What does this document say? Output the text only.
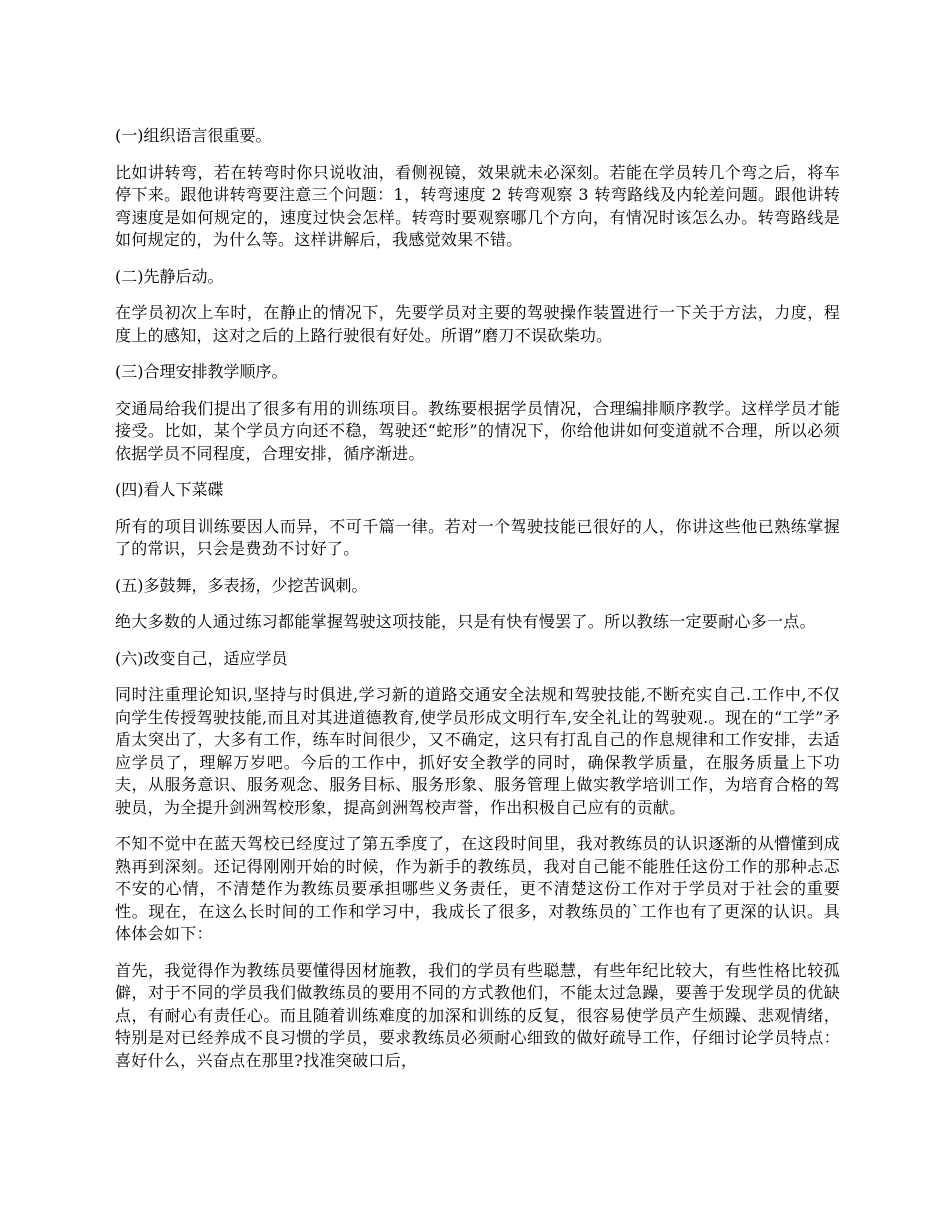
(一)组织语言很重要。

比如讲转弯，若在转弯时你只说收油，看侧视镜，效果就未必深刻。若能在学员转几个弯之后，将车停下来。跟他讲转弯要注意三个问题：1，转弯速度 2 转弯观察 3 转弯路线及内轮差问题。跟他讲转弯速度是如何规定的，速度过快会怎样。转弯时要观察哪几个方向，有情况时该怎么办。转弯路线是如何规定的，为什么等。这样讲解后，我感觉效果不错。

(二)先静后动。

在学员初次上车时，在静止的情况下，先要学员对主要的驾驶操作装置进行一下关于方法，力度，程度上的感知，这对之后的上路行驶很有好处。所谓”磨刀不误砍柴功。

(三)合理安排教学顺序。

交通局给我们提出了很多有用的训练项目。教练要根据学员情况，合理编排顺序教学。这样学员才能接受。比如，某个学员方向还不稳，驾驶还“蛇形”的情况下，你给他讲如何变道就不合理，所以必须依据学员不同程度，合理安排，循序渐进。

(四)看人下菜碟

所有的项目训练要因人而异，不可千篇一律。若对一个驾驶技能已很好的人，你讲这些他已熟练掌握了的常识，只会是费劲不讨好了。

(五)多鼓舞，多表扬，少挖苦讽刺。

绝大多数的人通过练习都能掌握驾驶这项技能，只是有快有慢罢了。所以教练一定要耐心多一点。

(六)改变自己，适应学员

同时注重理论知识,坚持与时俱进,学习新的道路交通安全法规和驾驶技能,不断充实自己.工作中,不仅向学生传授驾驶技能,而且对其进道德教育,使学员形成文明行车,安全礼让的驾驶观.。现在的“工学”矛盾太突出了，大多有工作，练车时间很少，又不确定，这只有打乱自己的作息规律和工作安排，去适应学员了，理解万岁吧。今后的工作中，抓好安全教学的同时，确保教学质量，在服务质量上下功夫，从服务意识、服务观念、服务目标、服务形象、服务管理上做实教学培训工作，为培育合格的驾驶员，为全提升剑洲驾校形象，提高剑洲驾校声誉，作出积极自己应有的贡献。

不知不觉中在蓝天驾校已经度过了第五季度了，在这段时间里，我对教练员的认识逐渐的从懵懂到成熟再到深刻。还记得刚刚开始的时候，作为新手的教练员，我对自己能不能胜任这份工作的那种忐忑不安的心情，不清楚作为教练员要承担哪些义务责任，更不清楚这份工作对于学员对于社会的重要性。现在，在这么长时间的工作和学习中，我成长了很多，对教练员的`工作也有了更深的认识。具体体会如下：

首先，我觉得作为教练员要懂得因材施教，我们的学员有些聪慧，有些年纪比较大，有些性格比较孤僻，对于不同的学员我们做教练员的要用不同的方式教他们，不能太过急躁，要善于发现学员的优缺点，有耐心有责任心。而且随着训练难度的加深和训练的反复，很容易使学员产生烦躁、悲观情绪，特别是对已经养成不良习惯的学员，要求教练员必须耐心细致的做好疏导工作，仔细讨论学员特点：喜好什么，兴奋点在那里?找准突破口后，
